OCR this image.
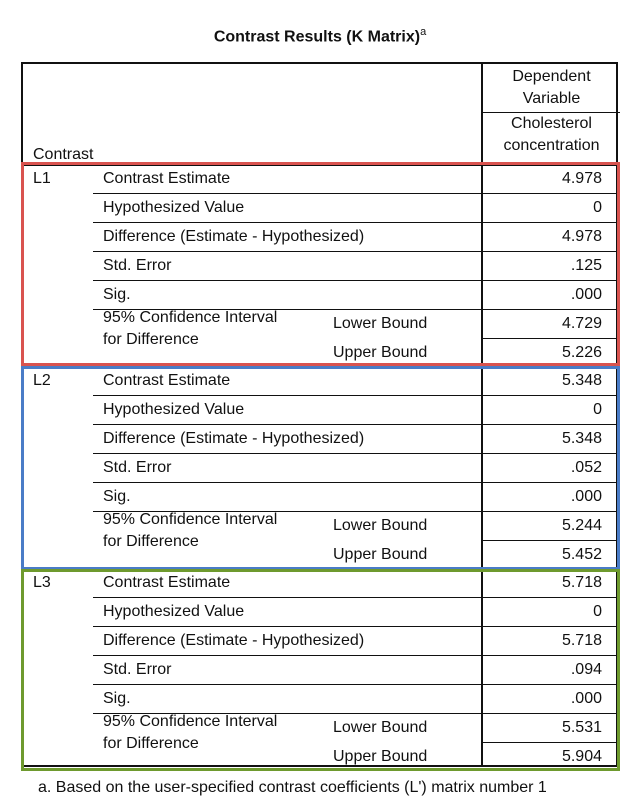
Contrast Results (K Matrix)$^a$
Contrast
Dependent
Variable
Cholesterol
concentration
L1	Contrast Estimate	4.978
Hypothesized Value	0
Difference (Estimate - Hypothesized)	4.978
Std. Error	.125
Sig.	.000
95% Confidence Interval
for Difference
Lower Bound	4.729
Upper Bound	5.226
L2	Contrast Estimate	5.348
Hypothesized Value	0
Difference (Estimate - Hypothesized)	5.348
Std. Error	.052
Sig.	.000
95% Confidence Interval
for Difference
Lower Bound	5.244
Upper Bound	5.452
L3	Contrast Estimate	5.718
Hypothesized Value	0
Difference (Estimate - Hypothesized)	5.718
Std. Error	.094
Sig.	.000
95% Confidence Interval
for Difference
Lower Bound	5.531
Upper Bound	5.904
a. Based on the user-specified contrast coefficients (L') matrix number 1
